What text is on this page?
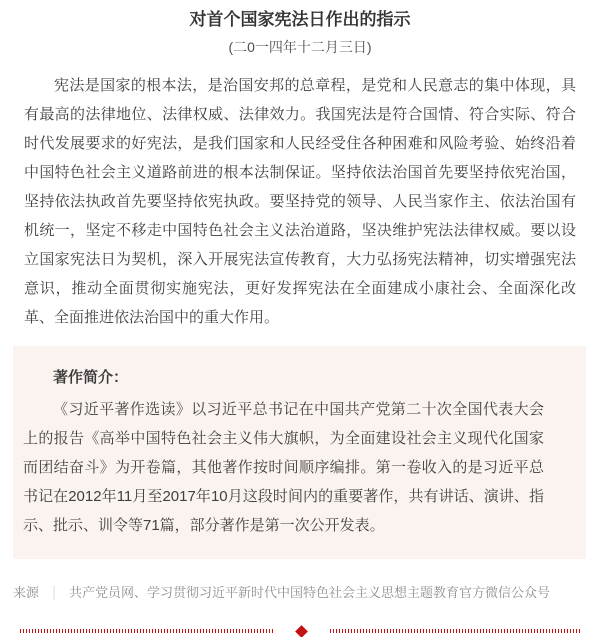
对首个国家宪法日作出的指示
(二0一四年十二月三日)

宪法是国家的根本法，是治国安邦的总章程，是党和人民意志的集中体现，具有最高的法律地位、法律权威、法律效力。我国宪法是符合国情、符合实际、符合时代发展要求的好宪法，是我们国家和人民经受住各种困难和风险考验、始终沿着中国特色社会主义道路前进的根本法制保证。坚持依法治国首先要坚持依宪治国，坚持依法执政首先要坚持依宪执政。要坚持党的领导、人民当家作主、依法治国有机统一，坚定不移走中国特色社会主义法治道路，坚决维护宪法法律权威。要以设立国家宪法日为契机，深入开展宪法宣传教育，大力弘扬宪法精神，切实增强宪法意识，推动全面贯彻实施宪法，更好发挥宪法在全面建成小康社会、全面深化改革、全面推进依法治国中的重大作用。

著作简介：

《习近平著作选读》以习近平总书记在中国共产党第二十次全国代表大会上的报告《高举中国特色社会主义伟大旗帜，为全面建设社会主义现代化国家而团结奋斗》为开卷篇，其他著作按时间顺序编排。第一卷收入的是习近平总书记在2012年11月至2017年10月这段时间内的重要著作，共有讲话、演讲、指示、批示、训令等71篇，部分著作是第一次公开发表。

来源 ｜ 共产党员网、学习贯彻习近平新时代中国特色社会主义思想主题教育官方微信公众号
